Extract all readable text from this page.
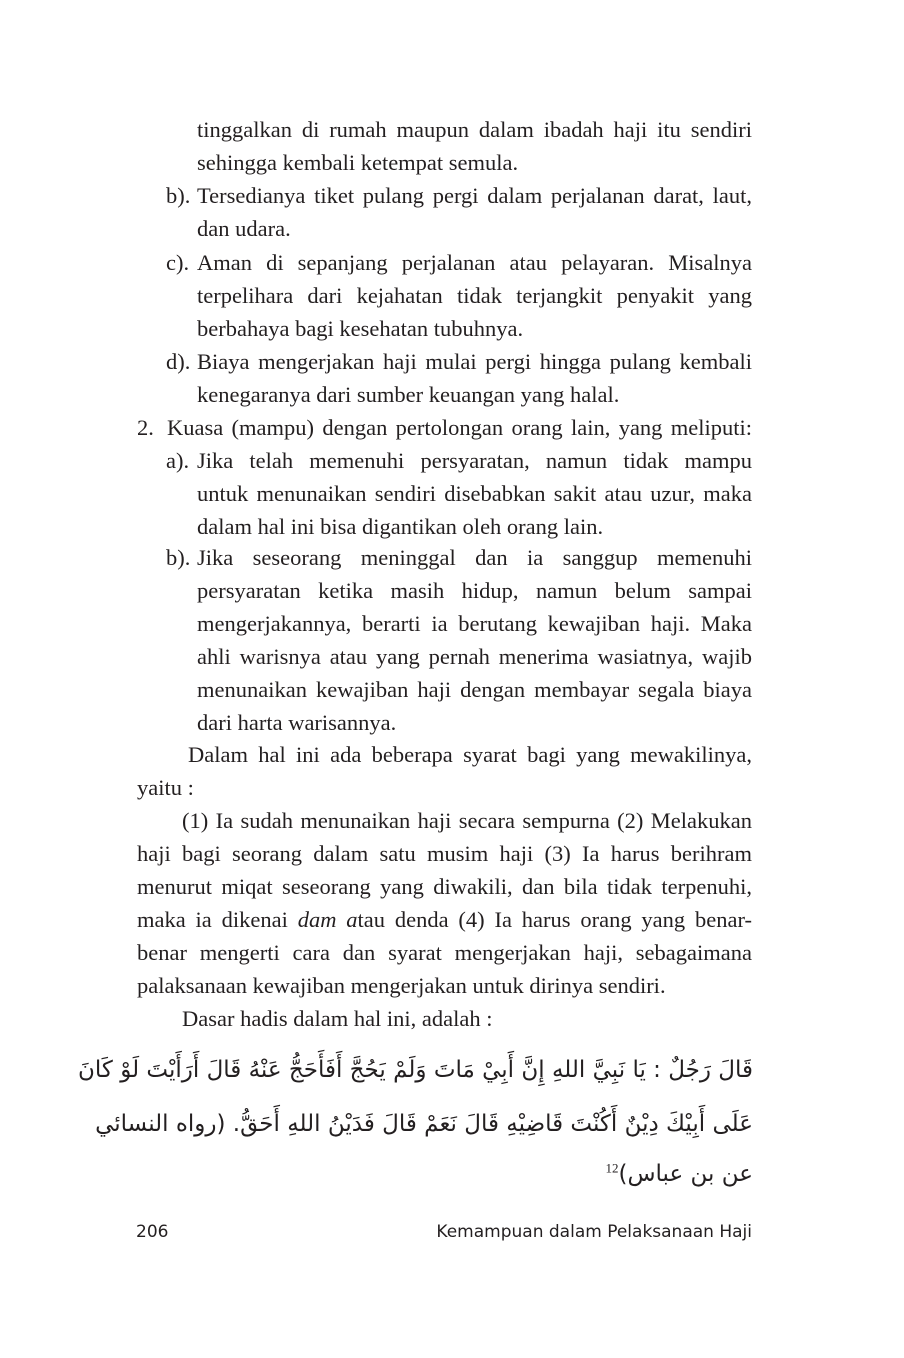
tinggalkan di rumah maupun dalam ibadah haji itu sendiri
sehingga kembali ketempat semula.
b). Tersedianya tiket pulang pergi dalam perjalanan darat, laut,
dan udara.
c). Aman di sepanjang perjalanan atau pelayaran. Misalnya
terpelihara dari kejahatan tidak terjangkit penyakit yang
berbahaya bagi kesehatan tubuhnya.
d). Biaya mengerjakan haji mulai pergi hingga pulang kembali
kenegaranya dari sumber keuangan yang halal.
2. Kuasa (mampu) dengan pertolongan orang lain, yang meliputi:
a). Jika telah memenuhi persyaratan, namun tidak mampu
untuk menunaikan sendiri disebabkan sakit atau uzur, maka
dalam hal ini bisa digantikan oleh orang lain.
b). Jika seseorang meninggal dan ia sanggup memenuhi
persyaratan ketika masih hidup, namun belum sampai
mengerjakannya, berarti ia berutang kewajiban haji. Maka
ahli warisnya atau yang pernah menerima wasiatnya, wajib
menunaikan kewajiban haji dengan membayar segala biaya
dari harta warisannya.
Dalam hal ini ada beberapa syarat bagi yang mewakilinya,
yaitu :
(1) Ia sudah menunaikan haji secara sempurna (2) Melakukan
haji bagi seorang dalam satu musim haji (3) Ia harus berihram
menurut miqat seseorang yang diwakili, dan bila tidak terpenuhi,
maka ia dikenai dam atau denda (4) Ia harus orang yang benar-
benar mengerti cara dan syarat mengerjakan haji, sebagaimana
palaksanaan kewajiban mengerjakan untuk dirinya sendiri.
Dasar hadis dalam hal ini, adalah :
قَالَ رَجُلٌ : يَا نَبِيَّ اللهِ إِنَّ أَبِيْ مَاتَ وَلَمْ يَحُجَّ أَفَأَحَجُّ عَنْهُ قَالَ أَرَأَيْتَ لَوْ كَانَ
عَلَى أَبِيْكَ دِيْنٌ أَكُنْتَ قَاضِيْهِ قَالَ نَعَمْ قَالَ فَدَيْنُ اللهِ أَحَقُّ. (رواه النسائي
عن بن عباس)$^{12}$
206	Kemampuan dalam Pelaksanaan Haji
